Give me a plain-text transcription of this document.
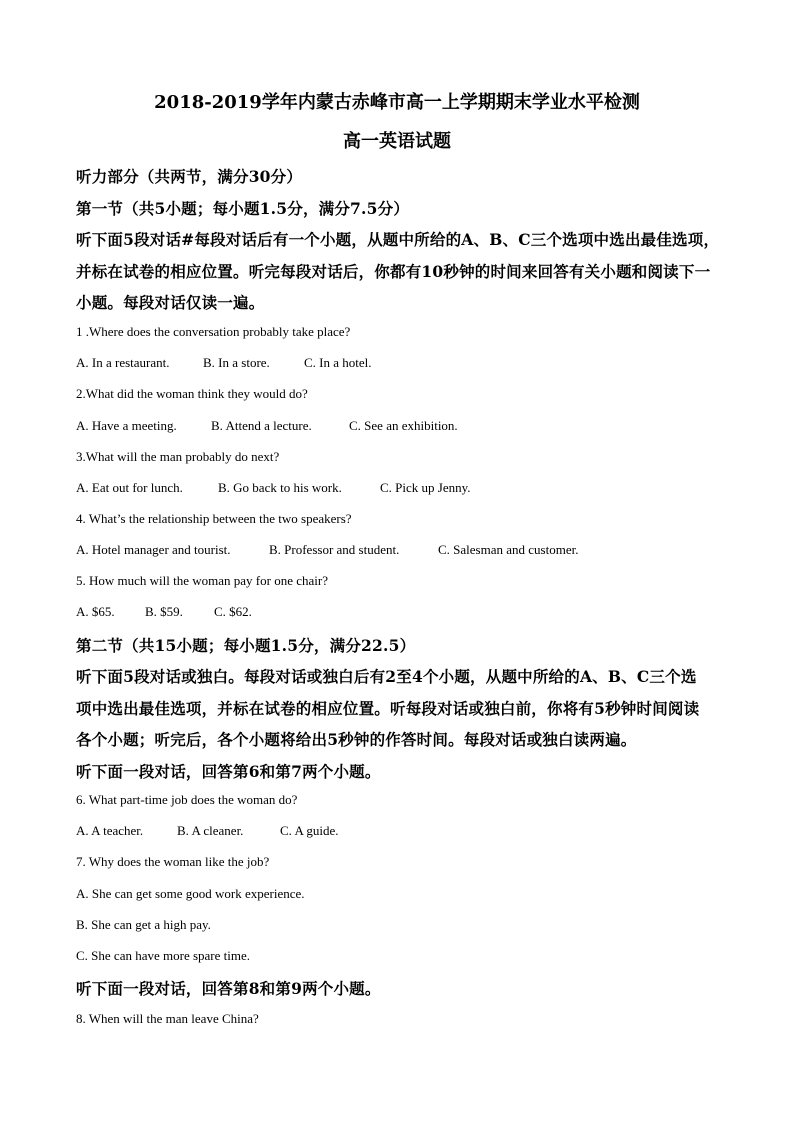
2018-2019学年内蒙古赤峰市高一上学期期末学业水平检测
高一英语试题
听力部分（共两节，满分30分）
第一节（共5小题；每小题1.5分，满分7.5分）
听下面5段对话#每段对话后有一个小题，从题中所给的A、B、C三个选项中选出最佳选项，
并标在试卷的相应位置。听完每段对话后，你都有10秒钟的时间来回答有关小题和阅读下一
小题。每段对话仅读一遍。
1 .Where does the conversation probably take place?
A. In a restaurant.	B. In a store.	C. In a hotel.
2.What did the woman think they would do?
A. Have a meeting.	B. Attend a lecture.	C. See an exhibition.
3.What will the man probably do next?
A. Eat out for lunch.	B. Go back to his work.	C. Pick up Jenny.
4. What’s the relationship between the two speakers?
A. Hotel manager and tourist.	B. Professor and student.	C. Salesman and customer.
5. How much will the woman pay for one chair?
A. $65. B. $59. C. $62.
第二节（共15小题；每小题1.5分，满分22.5）
听下面5段对话或独白。每段对话或独白后有2至4个小题，从题中所给的A、B、C三个选
项中选出最佳选项，并标在试卷的相应位置。听每段对话或独白前，你将有5秒钟时间阅读
各个小题；听完后，各个小题将给出5秒钟的作答时间。每段对话或独白读两遍。
听下面一段对话，回答第6和第7两个小题。
6. What part-time job does the woman do?
A. A teacher.	B. A cleaner.	C. A guide.
7. Why does the woman like the job?
A. She can get some good work experience.
B. She can get a high pay.
C. She can have more spare time.
听下面一段对话，回答第8和第9两个小题。
8. When will the man leave China?
